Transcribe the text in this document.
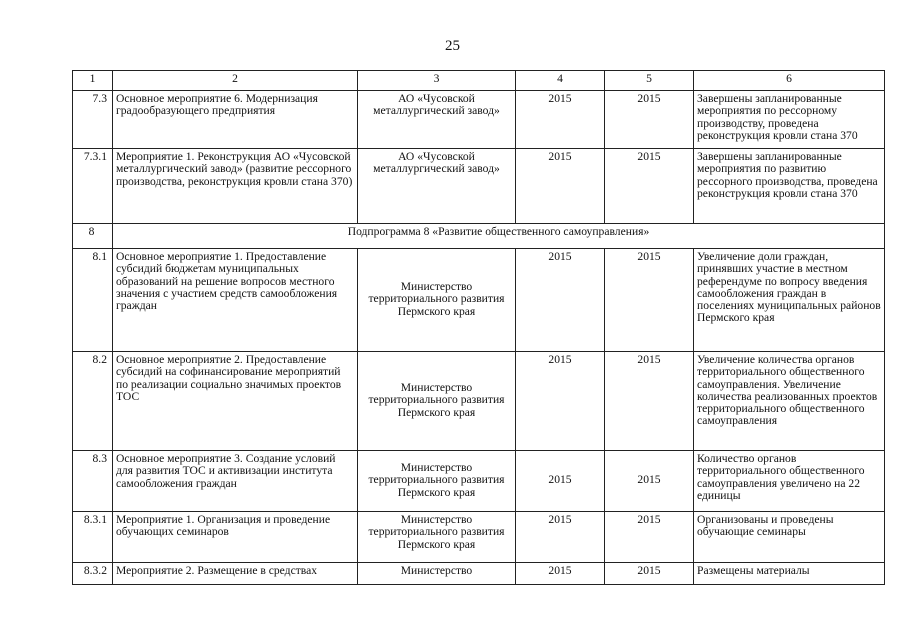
25
1	2	3	4	5	6
7.3	Основное мероприятие 6. Модернизация градообразующего предприятия	АО «Чусовской металлургический завод»	2015	2015	Завершены запланированные мероприятия по рессорному производству, проведена реконструкция кровли стана 370
7.3.1	Мероприятие 1. Реконструкция АО «Чусовской металлургический завод» (развитие рессорного производства, реконструкция кровли стана 370)	АО «Чусовской металлургический завод»	2015	2015	Завершены запланированные мероприятия по развитию рессорного производства, проведена реконструкция кровли стана 370
8	Подпрограмма 8 «Развитие общественного самоуправления»				
8.1	Основное мероприятие 1. Предоставление субсидий бюджетам муниципальных образований на решение вопросов местного значения с участием средств самообложения граждан	Министерство территориального развития Пермского края	2015	2015	Увеличение доли граждан, принявших участие в местном референдуме по вопросу введения самообложения граждан в поселениях муниципальных районов Пермского края
8.2	Основное мероприятие 2. Предоставление субсидий на софинансирование мероприятий по реализации социально значимых проектов ТОС	Министерство территориального развития Пермского края	2015	2015	Увеличение количества органов территориального общественного самоуправления. Увеличение количества реализованных проектов территориального общественного самоуправления
8.3	Основное мероприятие 3. Создание условий для развития ТОС и активизации института самообложения граждан	Министерство территориального развития Пермского края	2015	2015	Количество органов территориального общественного самоуправления увеличено на 22 единицы
8.3.1	Мероприятие 1. Организация и проведение обучающих семинаров	Министерство территориального развития Пермского края	2015	2015	Организованы и проведены обучающие семинары
8.3.2	Мероприятие 2. Размещение в средствах	Министерство	2015	2015	Размещены материалы
